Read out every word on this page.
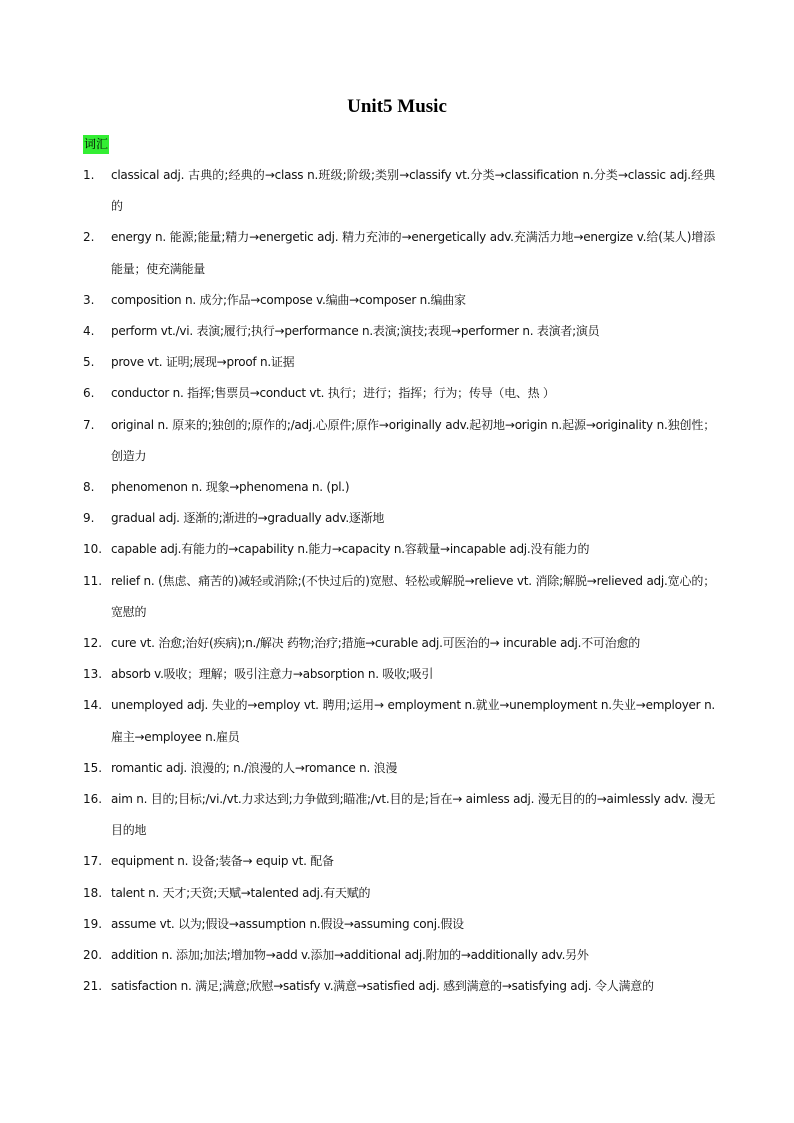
Unit5 Music
词汇
1.	classical adj. 古典的;经典的→class n.班级;阶级;类别→classify vt.分类→classification n.分类→classic adj.经典的
2.	energy n. 能源;能量;精力→energetic adj. 精力充沛的→energetically adv.充满活力地→energize v.给(某人)增添能量；使充满能量
3.	composition n. 成分;作品→compose v.编曲→composer n.编曲家
4.	perform vt./vi. 表演;履行;执行→performance n.表演;演技;表现→performer n. 表演者;演员
5.	prove vt. 证明;展现→proof n.证据
6.	conductor n. 指挥;售票员→conduct vt. 执行；进行；指挥；行为；传导（电、热 ）
7.	original n. 原来的;独创的;原作的;/adj.心原件;原作→originally adv.起初地→origin n.起源→originality n.独创性；创造力
8.	phenomenon n. 现象→phenomena n. (pl.)
9.	gradual adj. 逐渐的;渐进的→gradually adv.逐渐地
10. capable adj.有能力的→capability n.能力→capacity n.容载量→incapable adj.没有能力的
11. relief n. (焦虑、痛苦的)减轻或消除;(不快过后的)宽慰、轻松或解脱→relieve vt. 消除;解脱→relieved adj.宽心的；宽慰的
12. cure vt. 治愈;治好(疾病);n./解决 药物;治疗;措施→curable adj.可医治的→ incurable adj.不可治愈的
13. absorb v.吸收；理解；吸引注意力→absorption n. 吸收;吸引
14. unemployed adj. 失业的→employ vt. 聘用;运用→ employment n.就业→unemployment n.失业→employer n.雇主→employee n.雇员
15. romantic adj. 浪漫的; n./浪漫的人→romance n. 浪漫
16. aim n. 目的;目标;/vi./vt.力求达到;力争做到;瞄准;/vt.目的是;旨在→ aimless adj. 漫无目的的→aimlessly adv. 漫无目的地
17. equipment n. 设备;装备→ equip vt. 配备
18. talent n. 天才;天资;天赋→talented adj.有天赋的
19. assume vt. 以为;假设→assumption n.假设→assuming conj.假设
20. addition n. 添加;加法;增加物→add v.添加→additional adj.附加的→additionally adv.另外
21. satisfaction n. 满足;满意;欣慰→satisfy v.满意→satisfied adj. 感到满意的→satisfying adj. 令人满意的
